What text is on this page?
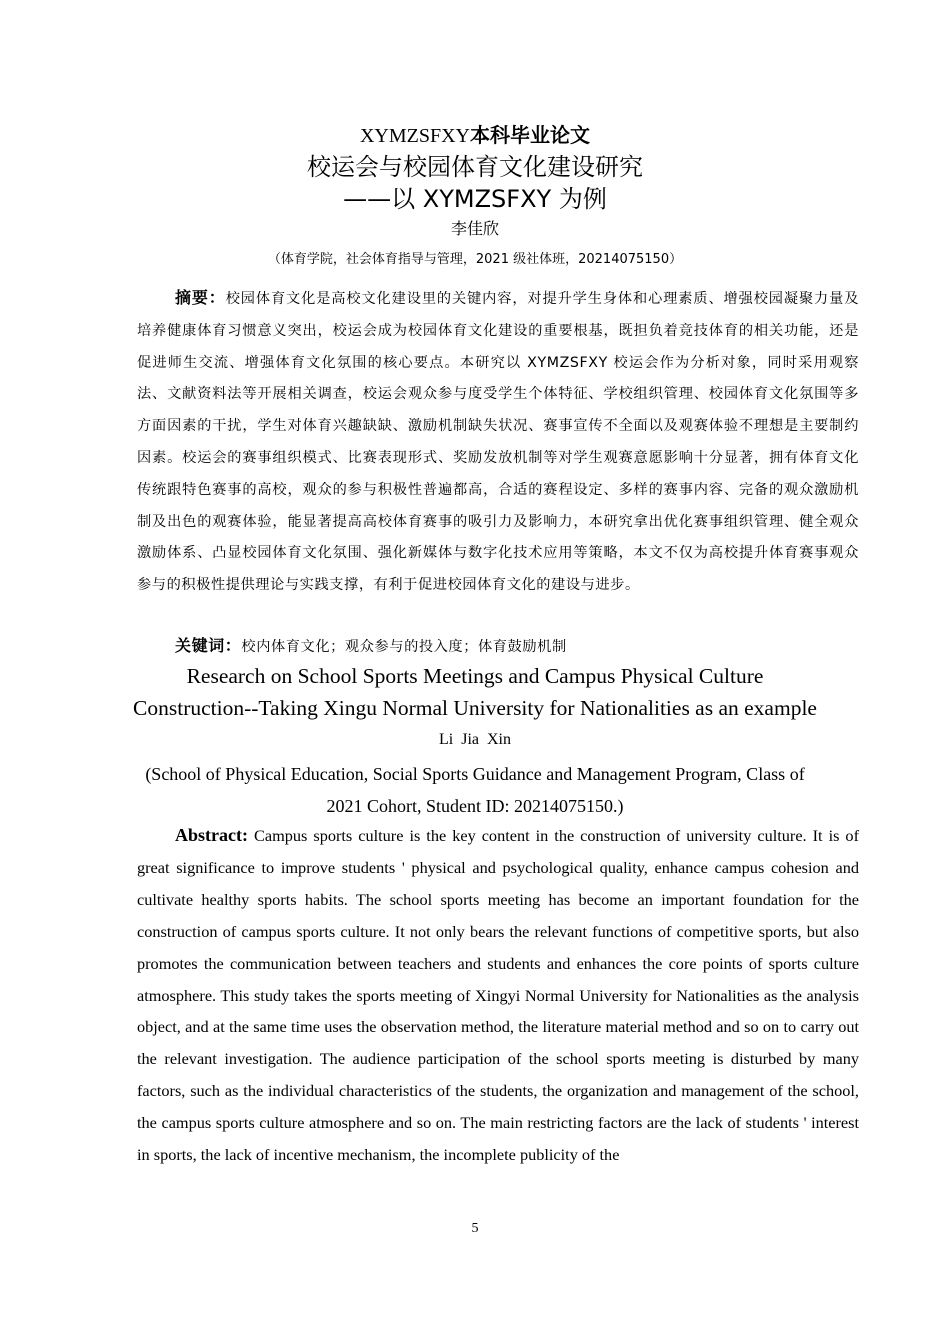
XYMZSFXY本科毕业论文
校运会与校园体育文化建设研究
——以 XYMZSFXY 为例
李佳欣
（体育学院，社会体育指导与管理，2021 级社体班，20214075150）
摘要：校园体育文化是高校文化建设里的关键内容，对提升学生身体和心理素质、增强校园凝聚力量及培养健康体育习惯意义突出，校运会成为校园体育文化建设的重要根基，既担负着竞技体育的相关功能，还是促进师生交流、增强体育文化氛围的核心要点。本研究以 XYMZSFXY 校运会作为分析对象，同时采用观察法、文献资料法等开展相关调查，校运会观众参与度受学生个体特征、学校组织管理、校园体育文化氛围等多方面因素的干扰，学生对体育兴趣缺缺、激励机制缺失状况、赛事宣传不全面以及观赛体验不理想是主要制约因素。校运会的赛事组织模式、比赛表现形式、奖励发放机制等对学生观赛意愿影响十分显著，拥有体育文化传统跟特色赛事的高校，观众的参与积极性普遍都高，合适的赛程设定、多样的赛事内容、完备的观众激励机制及出色的观赛体验，能显著提高高校体育赛事的吸引力及影响力，本研究拿出优化赛事组织管理、健全观众激励体系、凸显校园体育文化氛围、强化新媒体与数字化技术应用等策略，本文不仅为高校提升体育赛事观众参与的积极性提供理论与实践支撑，有利于促进校园体育文化的建设与进步。
关键词：校内体育文化；观众参与的投入度；体育鼓励机制
Research on School Sports Meetings and Campus Physical Culture
Construction--Taking Xingu Normal University for Nationalities as an example
Li Jia Xin
(School of Physical Education, Social Sports Guidance and Management Program, Class of
2021 Cohort, Student ID: 20214075150.)
Abstract: Campus sports culture is the key content in the construction of university culture. It is of great significance to improve students ' physical and psychological quality, enhance campus cohesion and cultivate healthy sports habits. The school sports meeting has become an important foundation for the construction of campus sports culture. It not only bears the relevant functions of competitive sports, but also promotes the communication between teachers and students and enhances the core points of sports culture atmosphere. This study takes the sports meeting of Xingyi Normal University for Nationalities as the analysis object, and at the same time uses the observation method, the literature material method and so on to carry out the relevant investigation. The audience participation of the school sports meeting is disturbed by many factors, such as the individual characteristics of the students, the organization and management of the school, the campus sports culture atmosphere and so on. The main restricting factors are the lack of students ' interest in sports, the lack of incentive mechanism, the incomplete publicity of the
5
